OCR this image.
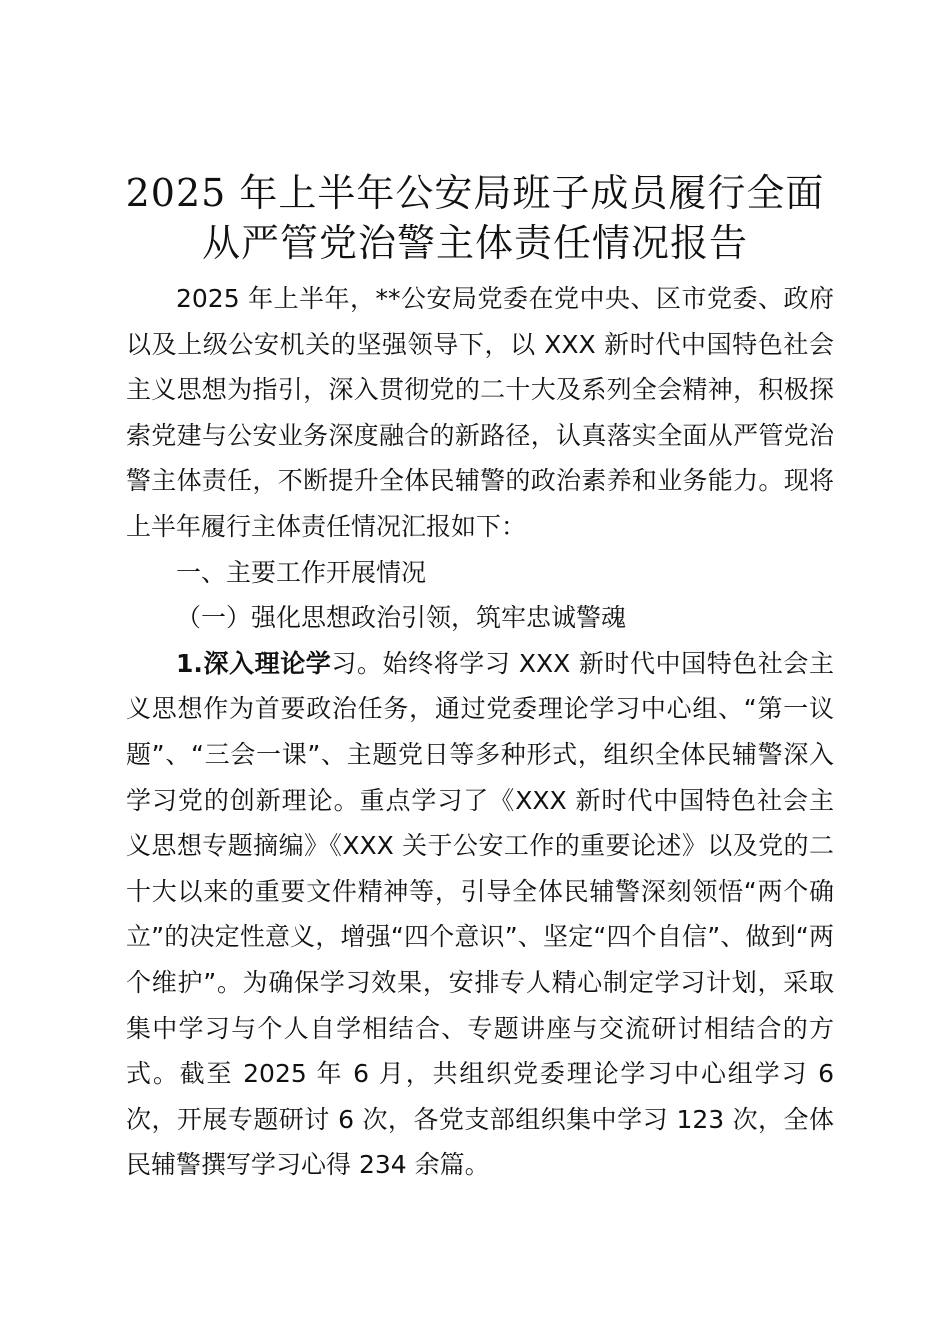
2025 年上半年公安局班子成员履行全面从严管党治警主体责任情况报告

2025 年上半年，**公安局党委在党中央、区市党委、政府以及上级公安机关的坚强领导下，以 XXX 新时代中国特色社会主义思想为指引，深入贯彻党的二十大及系列全会精神，积极探索党建与公安业务深度融合的新路径，认真落实全面从严管党治警主体责任，不断提升全体民辅警的政治素养和业务能力。现将上半年履行主体责任情况汇报如下：

一、主要工作开展情况

（一）强化思想政治引领，筑牢忠诚警魂

1.深入理论学习。始终将学习 XXX 新时代中国特色社会主义思想作为首要政治任务，通过党委理论学习中心组、“第一议题”、“三会一课”、主题党日等多种形式，组织全体民辅警深入学习党的创新理论。重点学习了《XXX 新时代中国特色社会主义思想专题摘编》《XXX 关于公安工作的重要论述》以及党的二十大以来的重要文件精神等，引导全体民辅警深刻领悟“两个确立”的决定性意义，增强“四个意识”、坚定“四个自信”、做到“两个维护”。为确保学习效果，安排专人精心制定学习计划，采取集中学习与个人自学相结合、专题讲座与交流研讨相结合的方式。截至 2025 年 6 月，共组织党委理论学习中心组学习 6 次，开展专题研讨 6 次，各党支部组织集中学习 123 次，全体民辅警撰写学习心得 234 余篇。
